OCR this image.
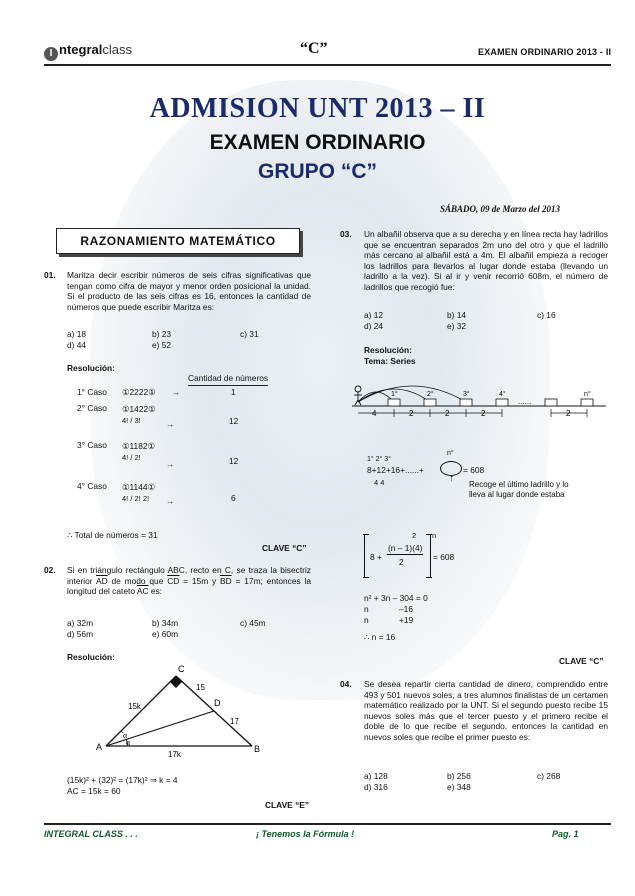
I ntegralclass	“C”	EXAMEN ORDINARIO 2013 - II
ADMISION UNT 2013 – II
EXAMEN ORDINARIO
GRUPO “C”
SÁBADO, 09 de Marzo del 2013
RAZONAMIENTO MATEMÁTICO
01. Maritza decir escribir números de seis cifras significativas que tengan como cifra de mayor y menor orden posicional la unidad. Si el producto de las seis cifras es 16, entonces la cantidad de números que puede escribir Maritza es:
a) 18	b) 23	c) 31
d) 44	e) 52
Resolución:
Cantidad de números
1° Caso ①2222① →	1
2° Caso ①1422①
4! / 3!	→	12
3° Caso ①1182①
4! / 2!
→	12
4° Caso ①1144①
4! / 2! 2! →	6
∴ Total de números = 31
CLAVE “C”
02. Si en triángulo rectángulo ABC, recto en C, se traza la bisectriz interior $\overline{AD}$ de modo que $\overline{CD} = 15m$ y $\overline{BD} = 17m$; entonces la longitud del cateto $\overline{AC}$ es:
a) 32m	b) 34m	c) 45m
d) 56m	e) 60m
Resolución:
C
A	B
D
15
15k
17
17k
α
α
(15k)² + (32)² = (17k)² ⇒ k = 4
AC = 15k = 60
CLAVE “E”
03. Un albañil observa que a su derecha y en línea recta hay ladrillos que se encuentran separados 2m uno del otro y que el ladrillo más cercano al albañil está a 4m. El albañil empieza a recoger los ladrillos para llevarlos al lugar donde estaba (llevando un ladrillo a la vez). Si al ir y venir recorrió 608m, el número de ladrillos que recogió fue:
a) 12	b) 14	c) 16
d) 24	e) 32
Resolución:
Tema: Series
1°	2°	3°	4°	n°
......
4	2	2	2	2
1° 2° 3°
8+12+16+......+
n°
= 608
4 4	↑
Recoge el último ladrillo y lo lleva al lugar donde estaba
2 n
8 +
(n – 1)(4)
2	= 608
n² + 3n – 304 = 0
n	–16
n	+19
∴ n = 16
CLAVE “C”
04. Se desea repartir cierta cantidad de dinero, comprendido entre 493 y 501 nuevos soles, a tres alumnos finalistas de un certamen matemático realizado por la UNT. Si el segundo puesto recibe 15 nuevos soles más que el tercer puesto y el primero recibe el doble de lo que recibe el segundo, entonces la cantidad en nuevos soles que recibe el primer puesto es:
a) 128	b) 256	c) 268
d) 316	e) 348
INTEGRAL CLASS . . .	¡ Tenemos la Fórmula !	Pag. 1
